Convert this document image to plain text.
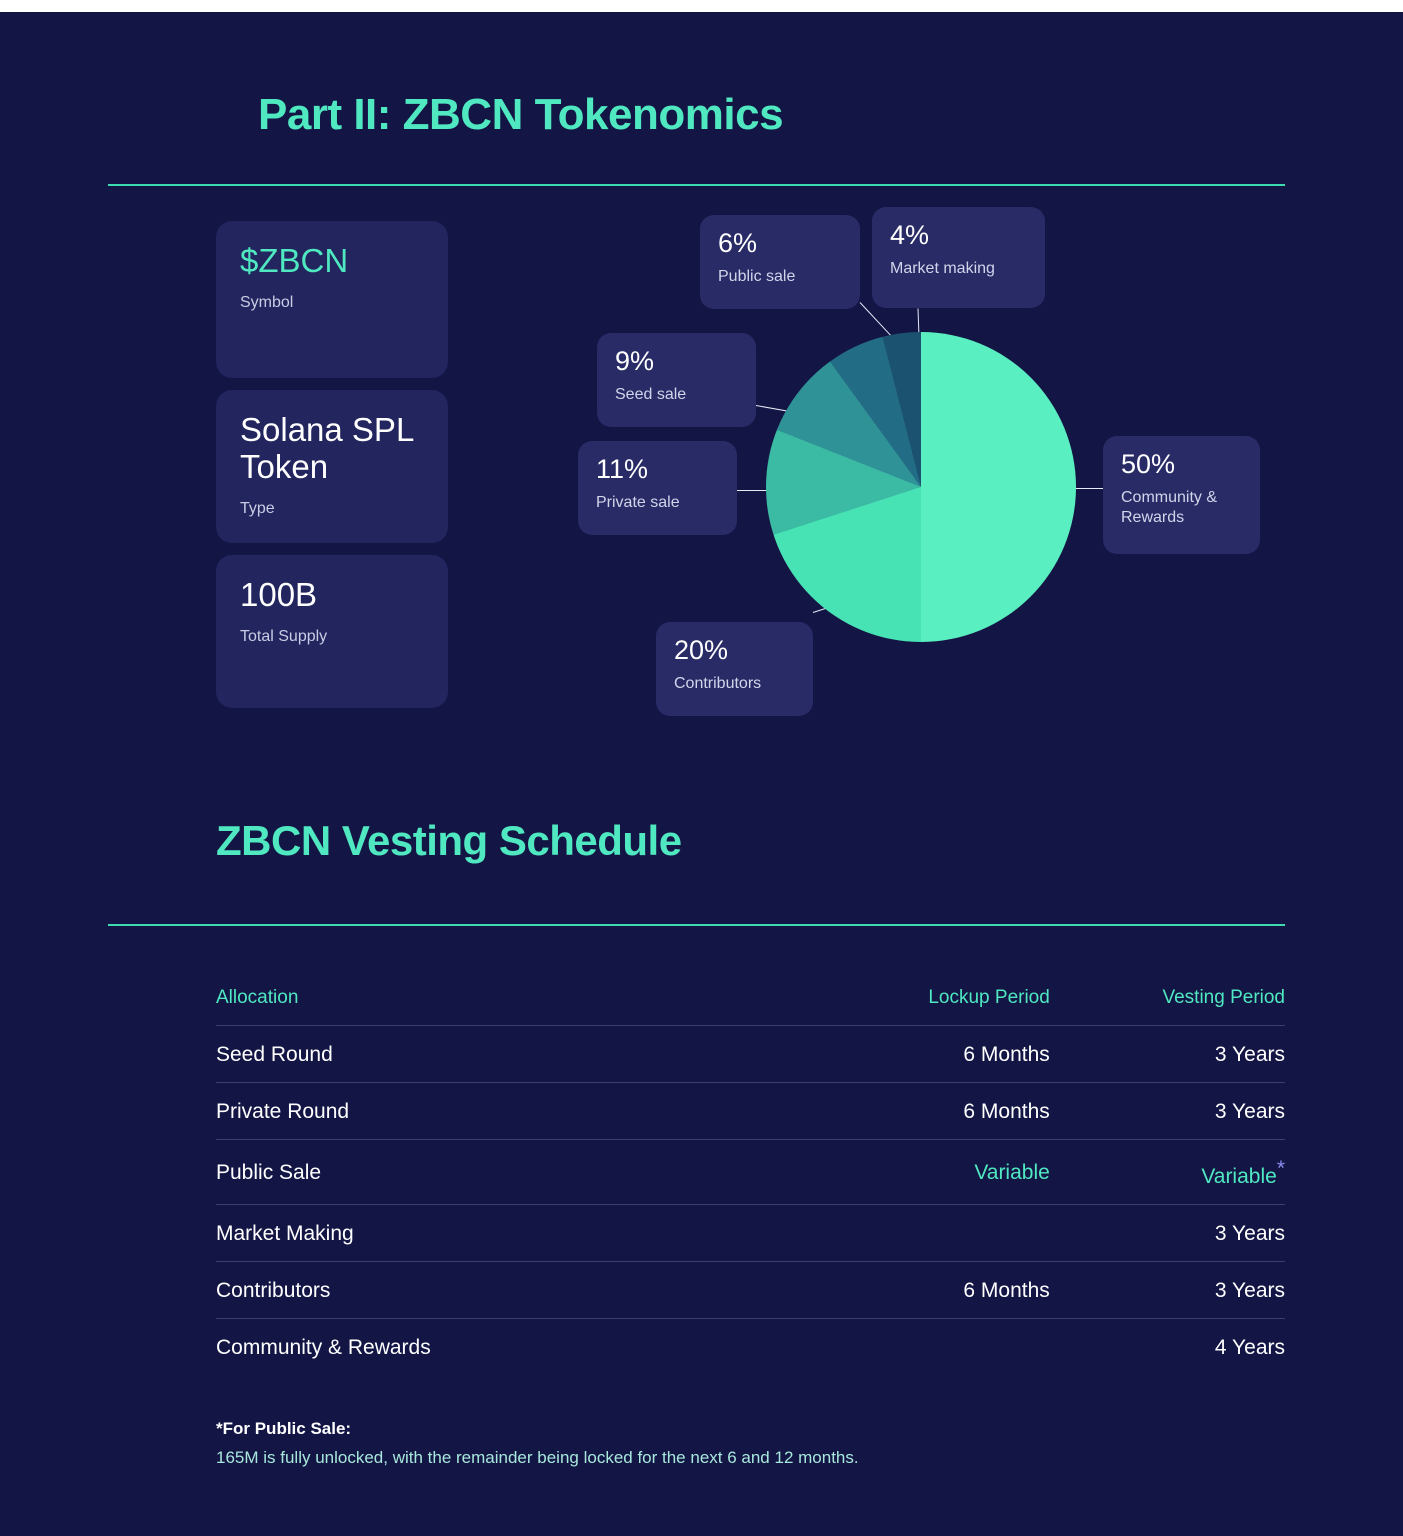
Part II: ZBCN Tokenomics
$ZBCN
Symbol
Solana SPL Token
Type
100B
Total Supply
6%
Public sale
4%
Market making
9%
Seed sale
11%
Private sale
50%
Community & Rewards
20%
Contributors
ZBCN Vesting Schedule
Allocation	Lockup Period	Vesting Period
Seed Round	6 Months	3 Years
Private Round	6 Months	3 Years
Public Sale	Variable	Variable*
Market Making		3 Years
Contributors	6 Months	3 Years
Community & Rewards		4 Years
*For Public Sale:
165M is fully unlocked, with the remainder being locked for the next 6 and 12 months.
